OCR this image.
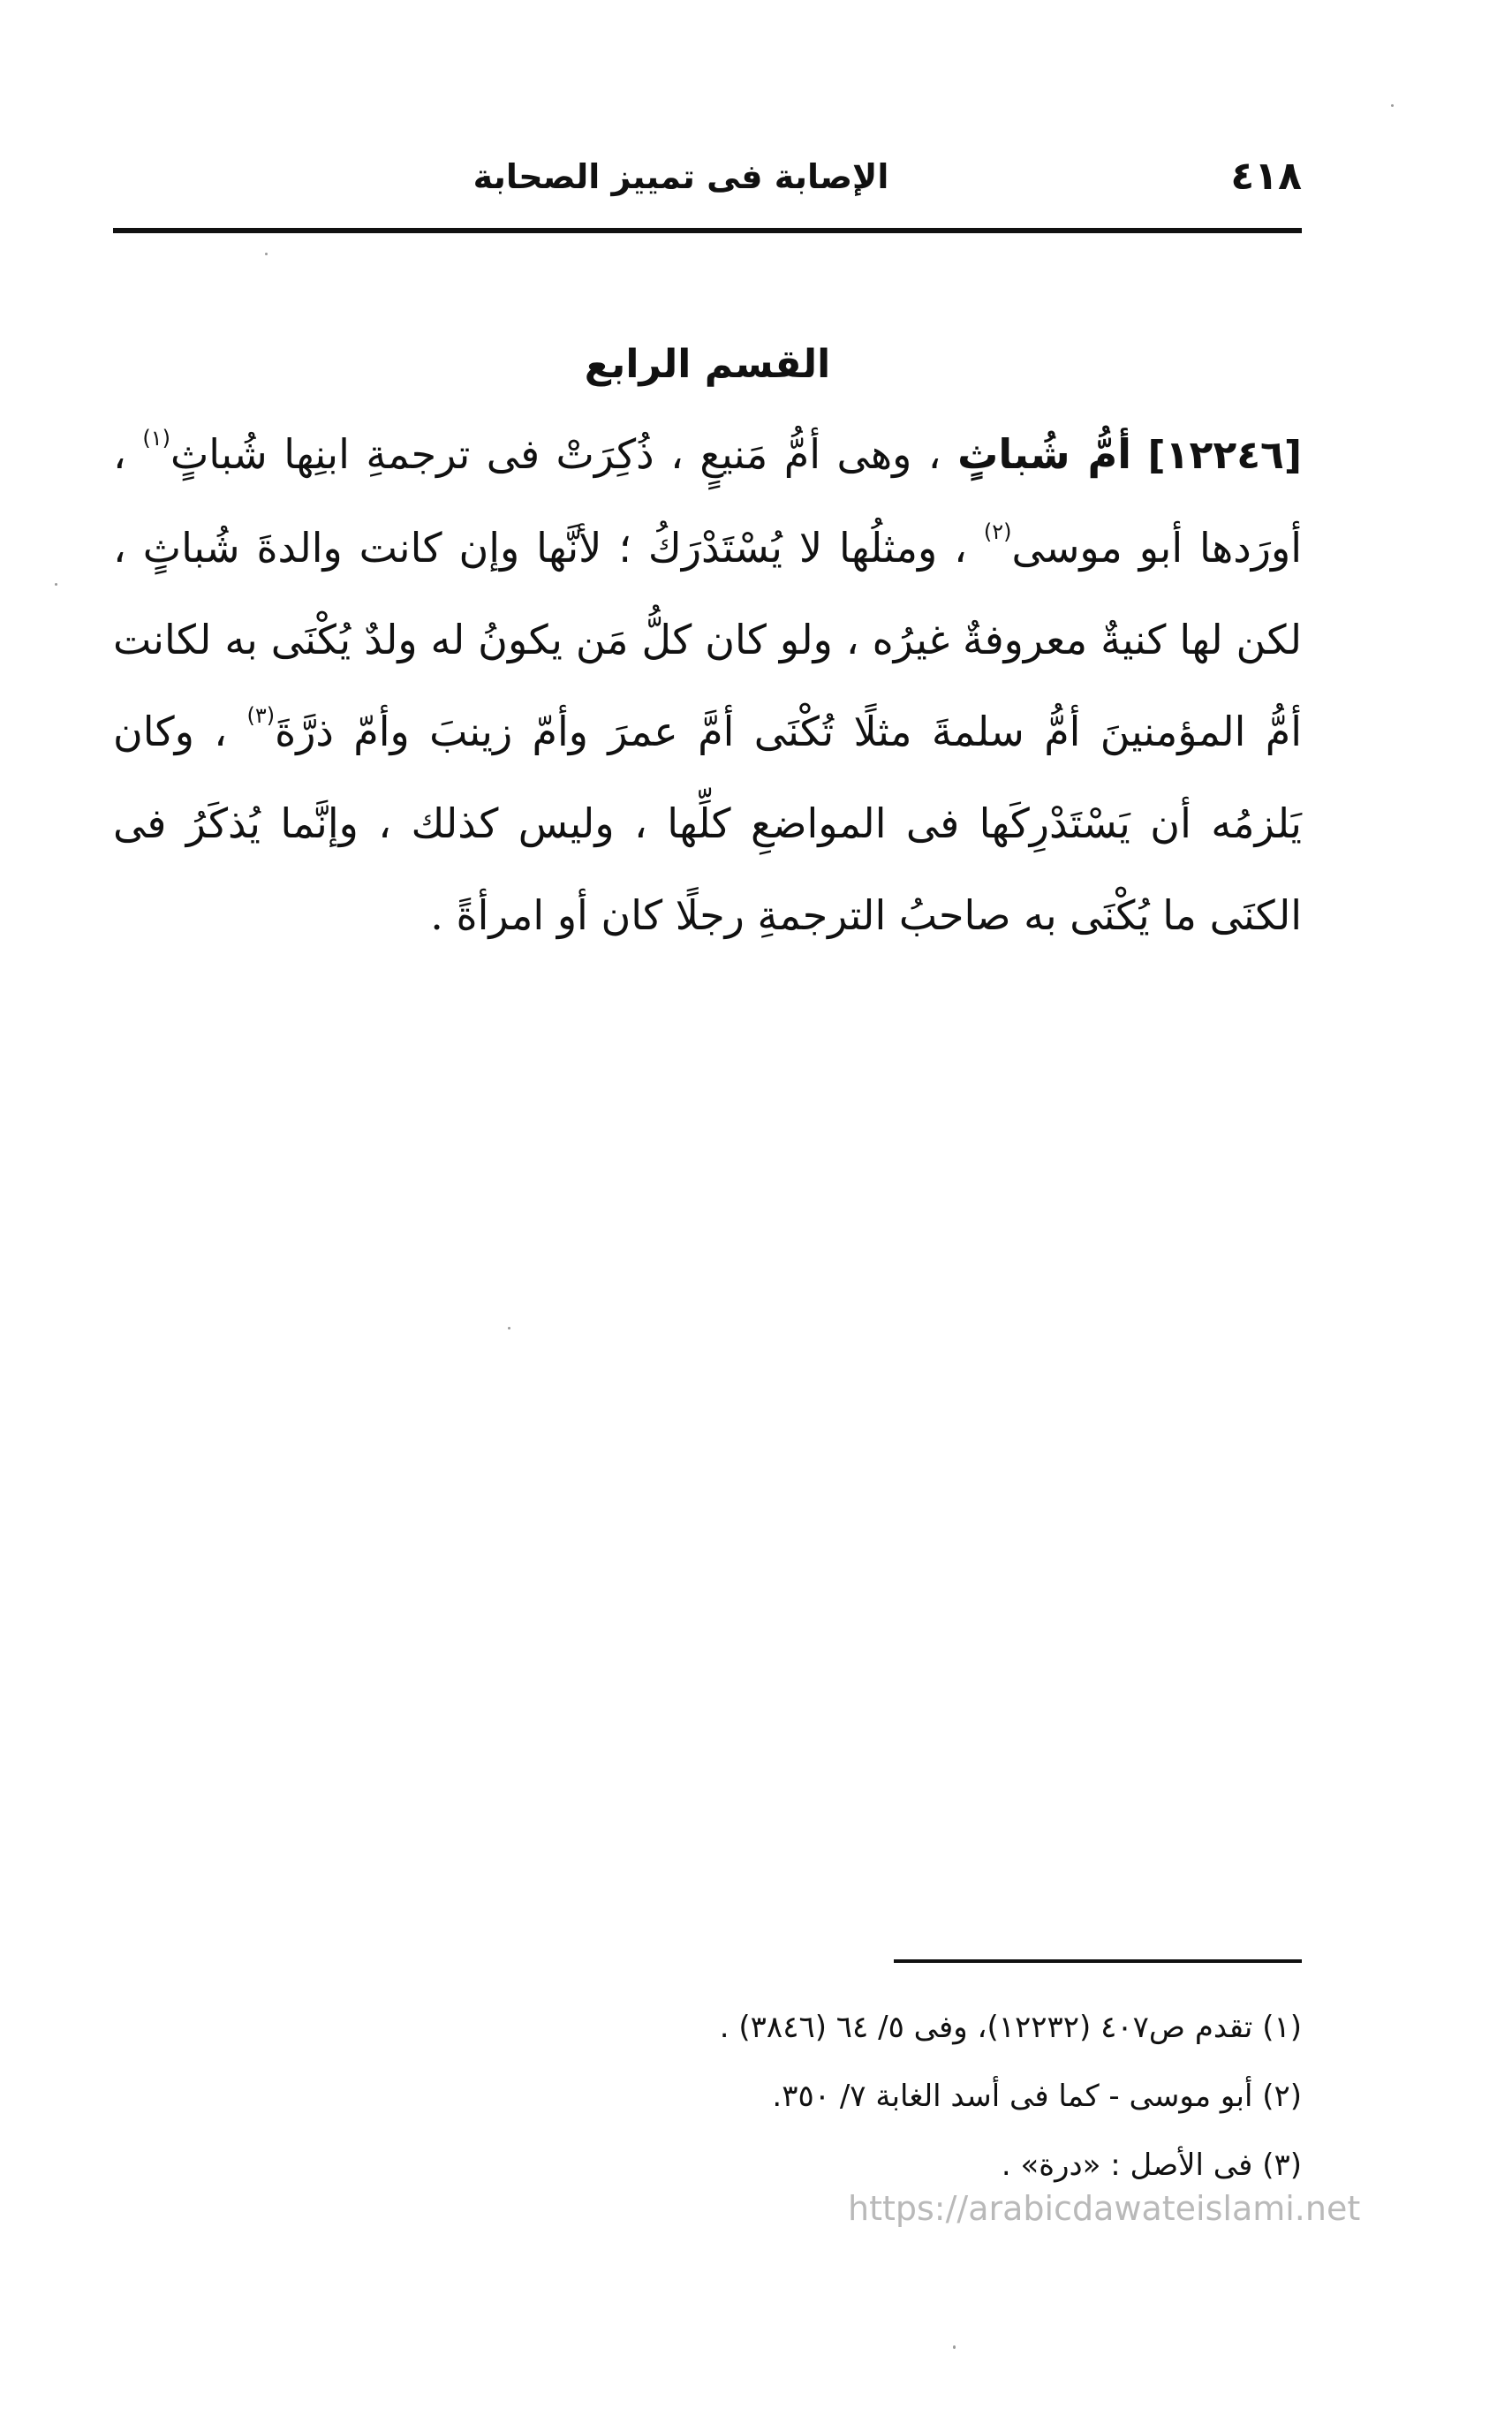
٤١٨
الإصابة فى تمييز الصحابة
القسم الرابع

[١٢٢٤٦] أمُّ شُباثٍ ، وهى أمُّ مَنيعٍ ، ذُكِرَتْ فى ترجمةِ ابنِها شُباثٍ$^{(١)}$ ، أورَدها أبو موسى$^{(٢)}$ ، ومثلُها لا يُسْتَدْرَكُ ؛ لأنَّها وإن كانت والدةَ شُباثٍ ، لكن لها كنيةٌ معروفةٌ غيرُه ، ولو كان كلُّ مَن يكونُ له ولدٌ يُكْنَى به لكانت أمُّ المؤمنينَ أمُّ سلمةَ مثلًا تُكْنَى أمَّ عمرَ وأمّ زينبَ وأمّ ذرَّةَ$^{(٣)}$ ، وكان يَلزمُه أن يَسْتَدْرِكَها فى المواضعِ كلِّها ، وليس كذلك ، وإنَّما يُذكَرُ فى الكنَى ما يُكْنَى به صاحبُ الترجمةِ رجلًا كان أو امرأةً .

(١) تقدم ص٤٠٧ (١٢٢٣٢)، وفى ٥/ ٦٤ (٣٨٤٦) .
(٢) أبو موسى - كما فى أسد الغابة ٧/ ٣٥٠.
(٣) فى الأصل : «درة» .
https://arabicdawateislami.net
